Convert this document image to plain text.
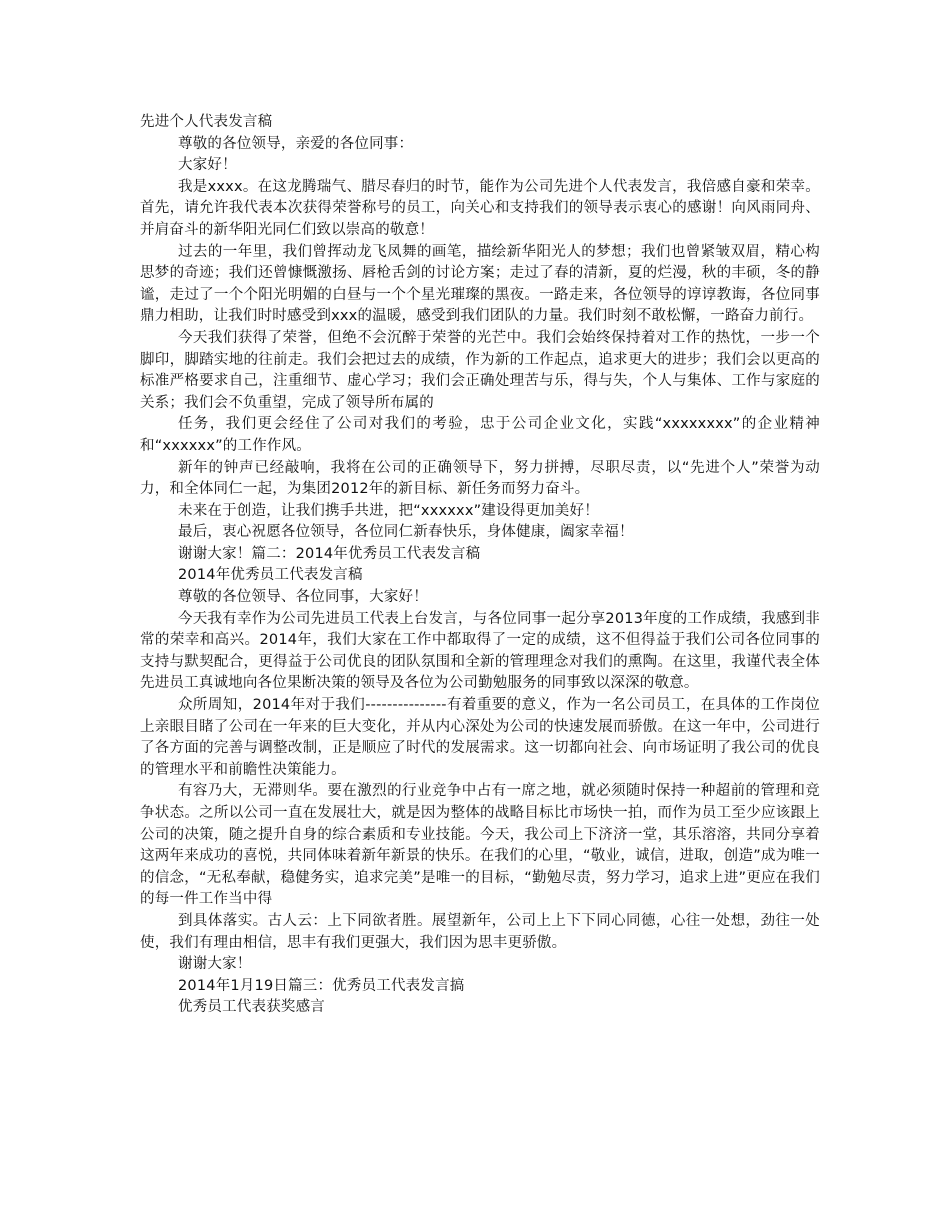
先进个人代表发言稿

尊敬的各位领导，亲爱的各位同事：

大家好！

我是xxxx。在这龙腾瑞气、腊尽春归的时节，能作为公司先进个人代表发言，我倍感自豪和荣幸。首先，请允许我代表本次获得荣誉称号的员工，向关心和支持我们的领导表示衷心的感谢！向风雨同舟、并肩奋斗的新华阳光同仁们致以崇高的敬意！

过去的一年里，我们曾挥动龙飞凤舞的画笔，描绘新华阳光人的梦想；我们也曾紧皱双眉，精心构思梦的奇迹；我们还曾慷慨激扬、唇枪舌剑的讨论方案；走过了春的清新，夏的烂漫，秋的丰硕，冬的静谧，走过了一个个阳光明媚的白昼与一个个星光璀璨的黑夜。一路走来，各位领导的谆谆教诲，各位同事鼎力相助，让我们时时感受到xxx的温暖，感受到我们团队的力量。我们时刻不敢松懈，一路奋力前行。

今天我们获得了荣誉，但绝不会沉醉于荣誉的光芒中。我们会始终保持着对工作的热忱，一步一个脚印，脚踏实地的往前走。我们会把过去的成绩，作为新的工作起点，追求更大的进步；我们会以更高的标准严格要求自己，注重细节、虚心学习；我们会正确处理苦与乐，得与失，个人与集体、工作与家庭的关系；我们会不负重望，完成了领导所布属的

任务，我们更会经住了公司对我们的考验，忠于公司企业文化，实践“xxxxxxxx”的企业精神和“xxxxxx”的工作作风。

新年的钟声已经敲响，我将在公司的正确领导下，努力拼搏，尽职尽责，以“先进个人”荣誉为动力，和全体同仁一起，为集团2012年的新目标、新任务而努力奋斗。

未来在于创造，让我们携手共进，把“xxxxxx”建设得更加美好！

最后，衷心祝愿各位领导，各位同仁新春快乐，身体健康，阖家幸福！

谢谢大家！篇二：2014年优秀员工代表发言稿

2014年优秀员工代表发言稿

尊敬的各位领导、各位同事，大家好！

今天我有幸作为公司先进员工代表上台发言，与各位同事一起分享2013年度的工作成绩，我感到非常的荣幸和高兴。2014年，我们大家在工作中都取得了一定的成绩，这不但得益于我们公司各位同事的支持与默契配合，更得益于公司优良的团队氛围和全新的管理理念对我们的熏陶。在这里，我谨代表全体先进员工真诚地向各位果断决策的领导及各位为公司勤勉服务的同事致以深深的敬意。

众所周知，2014年对于我们---------------有着重要的意义，作为一名公司员工，在具体的工作岗位上亲眼目睹了公司在一年来的巨大变化，并从内心深处为公司的快速发展而骄傲。在这一年中，公司进行了各方面的完善与调整改制，正是顺应了时代的发展需求。这一切都向社会、向市场证明了我公司的优良的管理水平和前瞻性决策能力。

有容乃大，无滞则华。要在激烈的行业竞争中占有一席之地，就必须随时保持一种超前的管理和竞争状态。之所以公司一直在发展壮大，就是因为整体的战略目标比市场快一拍，而作为员工至少应该跟上公司的决策，随之提升自身的综合素质和专业技能。今天，我公司上下济济一堂，其乐溶溶，共同分享着这两年来成功的喜悦，共同体味着新年新景的快乐。在我们的心里，“敬业，诚信，进取，创造”成为唯一的信念，“无私奉献，稳健务实，追求完美”是唯一的目标，“勤勉尽责，努力学习，追求上进”更应在我们的每一件工作当中得

到具体落实。古人云：上下同欲者胜。展望新年，公司上上下下同心同德，心往一处想，劲往一处使，我们有理由相信，思丰有我们更强大，我们因为思丰更骄傲。

谢谢大家！

2014年1月19日篇三：优秀员工代表发言搞

优秀员工代表获奖感言
